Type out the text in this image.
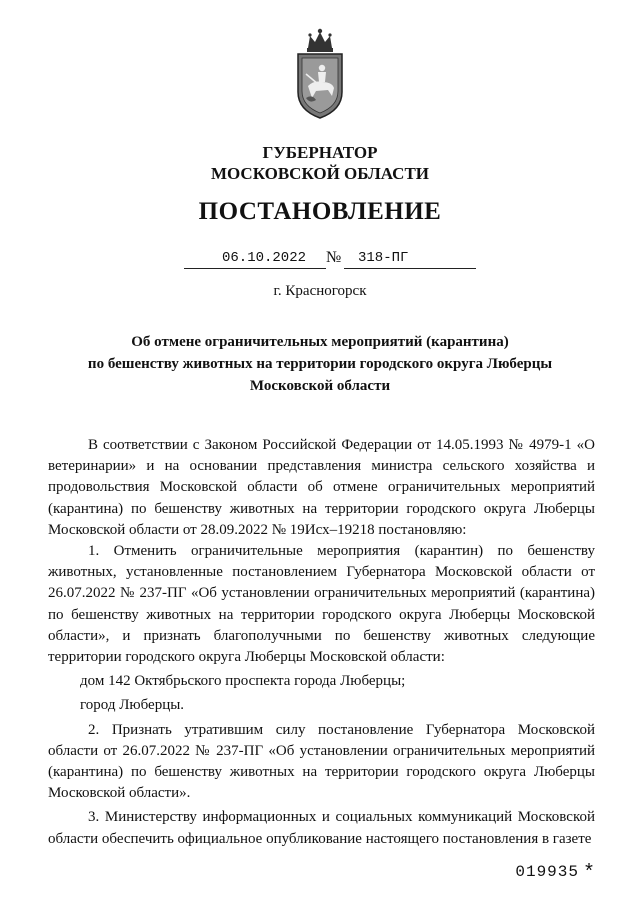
ГУБЕРНАТОР
МОСКОВСКОЙ ОБЛАСТИ
ПОСТАНОВЛЕНИЕ
06.10.2022 № 318-ПГ
г. Красногорск
Об отмене ограничительных мероприятий (карантина)
по бешенству животных на территории городского округа Люберцы
Московской области

В соответствии с Законом Российской Федерации от 14.05.1993 № 4979-1 «О ветеринарии» и на основании представления министра сельского хозяйства и продовольствия Московской области об отмене ограничительных мероприятий (карантина) по бешенству животных на территории городского округа Люберцы Московской области от 28.09.2022 № 19Исх–19218 постановляю:

1. Отменить ограничительные мероприятия (карантин) по бешенству животных, установленные постановлением Губернатора Московской области от 26.07.2022 № 237-ПГ «Об установлении ограничительных мероприятий (карантина) по бешенству животных на территории городского округа Люберцы Московской области», и признать благополучными по бешенству животных следующие территории городского округа Люберцы Московской области:

дом 142 Октябрьского проспекта города Люберцы;

город Люберцы.

2. Признать утратившим силу постановление Губернатора Московской области от 26.07.2022 № 237-ПГ «Об установлении ограничительных мероприятий (карантина) по бешенству животных на территории городского округа Люберцы Московской области».

3. Министерству информационных и социальных коммуникаций Московской области обеспечить официальное опубликование настоящего постановления в газете

019935 *
